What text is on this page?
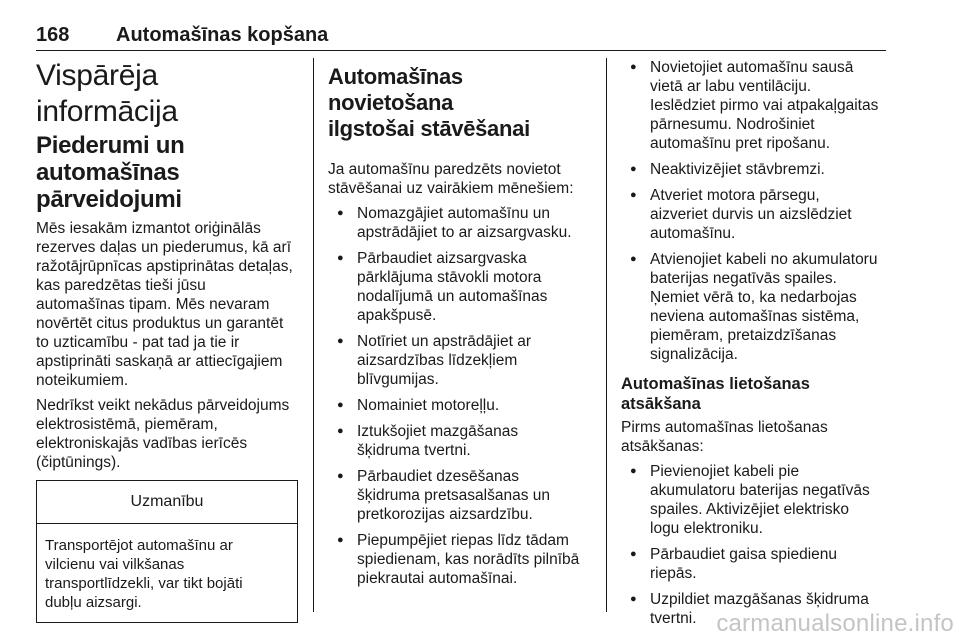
168 Automašīnas kopšana
Vispārēja informācija
Piederumi un automašīnas
pārveidojumi

Mēs iesakām izmantot oriģinālās
rezerves daļas un piederumus, kā arī
ražotājrūpnīcas apstiprinātas detaļas,
kas paredzētas tieši jūsu
automašīnas tipam. Mēs nevaram
novērtēt citus produktus un garantēt
to uzticamību - pat tad ja tie ir
apstiprināti saskaņā ar attiecīgajiem
noteikumiem.

Nedrīkst veikt nekādus pārveidojums
elektrosistēmā, piemēram,
elektroniskajās vadības ierīcēs
(čiptūnings).

Uzmanību
Transportējot automašīnu ar
vilcienu vai vilkšanas
transportlīdzekli, var tikt bojāti
dubļu aizsargi.
Automašīnas novietošana
ilgstošai stāvēšanai

Ja automašīnu paredzēts novietot
stāvēšanai uz vairākiem mēnešiem:

● Nomazgājiet automašīnu un
apstrādājiet to ar aizsargvasku.
● Pārbaudiet aizsargvaska
pārklājuma stāvokli motora
nodalījumā un automašīnas
apakšpusē.
● Notīriet un apstrādājiet ar
aizsardzības līdzekļiem
blīvgumijas.
● Nomainiet motoreļļu.
● Iztukšojiet mazgāšanas
šķidruma tvertni.
● Pārbaudiet dzesēšanas
šķidruma pretsasalšanas un
pretkorozijas aizsardzību.
● Piepumpējiet riepas līdz tādam
spiedienam, kas norādīts pilnībā
piekrautai automašīnai.
● Novietojiet automašīnu sausā
vietā ar labu ventilāciju.
Ieslēdziet pirmo vai atpakaļgaitas
pārnesumu. Nodrošiniet
automašīnu pret ripošanu.
● Neaktivizējiet stāvbremzi.
● Atveriet motora pārsegu,
aizveriet durvis un aizslēdziet
automašīnu.
● Atvienojiet kabeli no akumulatoru
baterijas negatīvās spailes.
Ņemiet vērā to, ka nedarbojas
neviena automašīnas sistēma,
piemēram, pretaizdzīšanas
signalizācija.
Automašīnas lietošanas
atsākšana

Pirms automašīnas lietošanas
atsākšanas:

● Pievienojiet kabeli pie
akumulatoru baterijas negatīvās
spailes. Aktivizējiet elektrisko
logu elektroniku.
● Pārbaudiet gaisa spiedienu
riepās.
● Uzpildiet mazgāšanas šķidruma
tvertni. carmanualsonline.info
